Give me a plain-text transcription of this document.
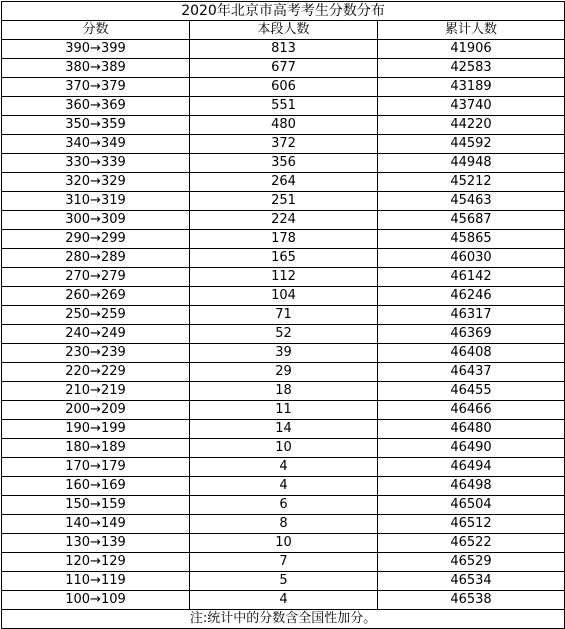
2020年北京市高考考生分数分布		
分数	本段人数	累计人数
390→399	813	41906
380→389	677	42583
370→379	606	43189
360→369	551	43740
350→359	480	44220
340→349	372	44592
330→339	356	44948
320→329	264	45212
310→319	251	45463
300→309	224	45687
290→299	178	45865
280→289	165	46030
270→279	112	46142
260→269	104	46246
250→259	71	46317
240→249	52	46369
230→239	39	46408
220→229	29	46437
210→219	18	46455
200→209	11	46466
190→199	14	46480
180→189	10	46490
170→179	4	46494
160→169	4	46498
150→159	6	46504
140→149	8	46512
130→139	10	46522
120→129	7	46529
110→119	5	46534
100→109	4	46538
注:统计中的分数含全国性加分。		
